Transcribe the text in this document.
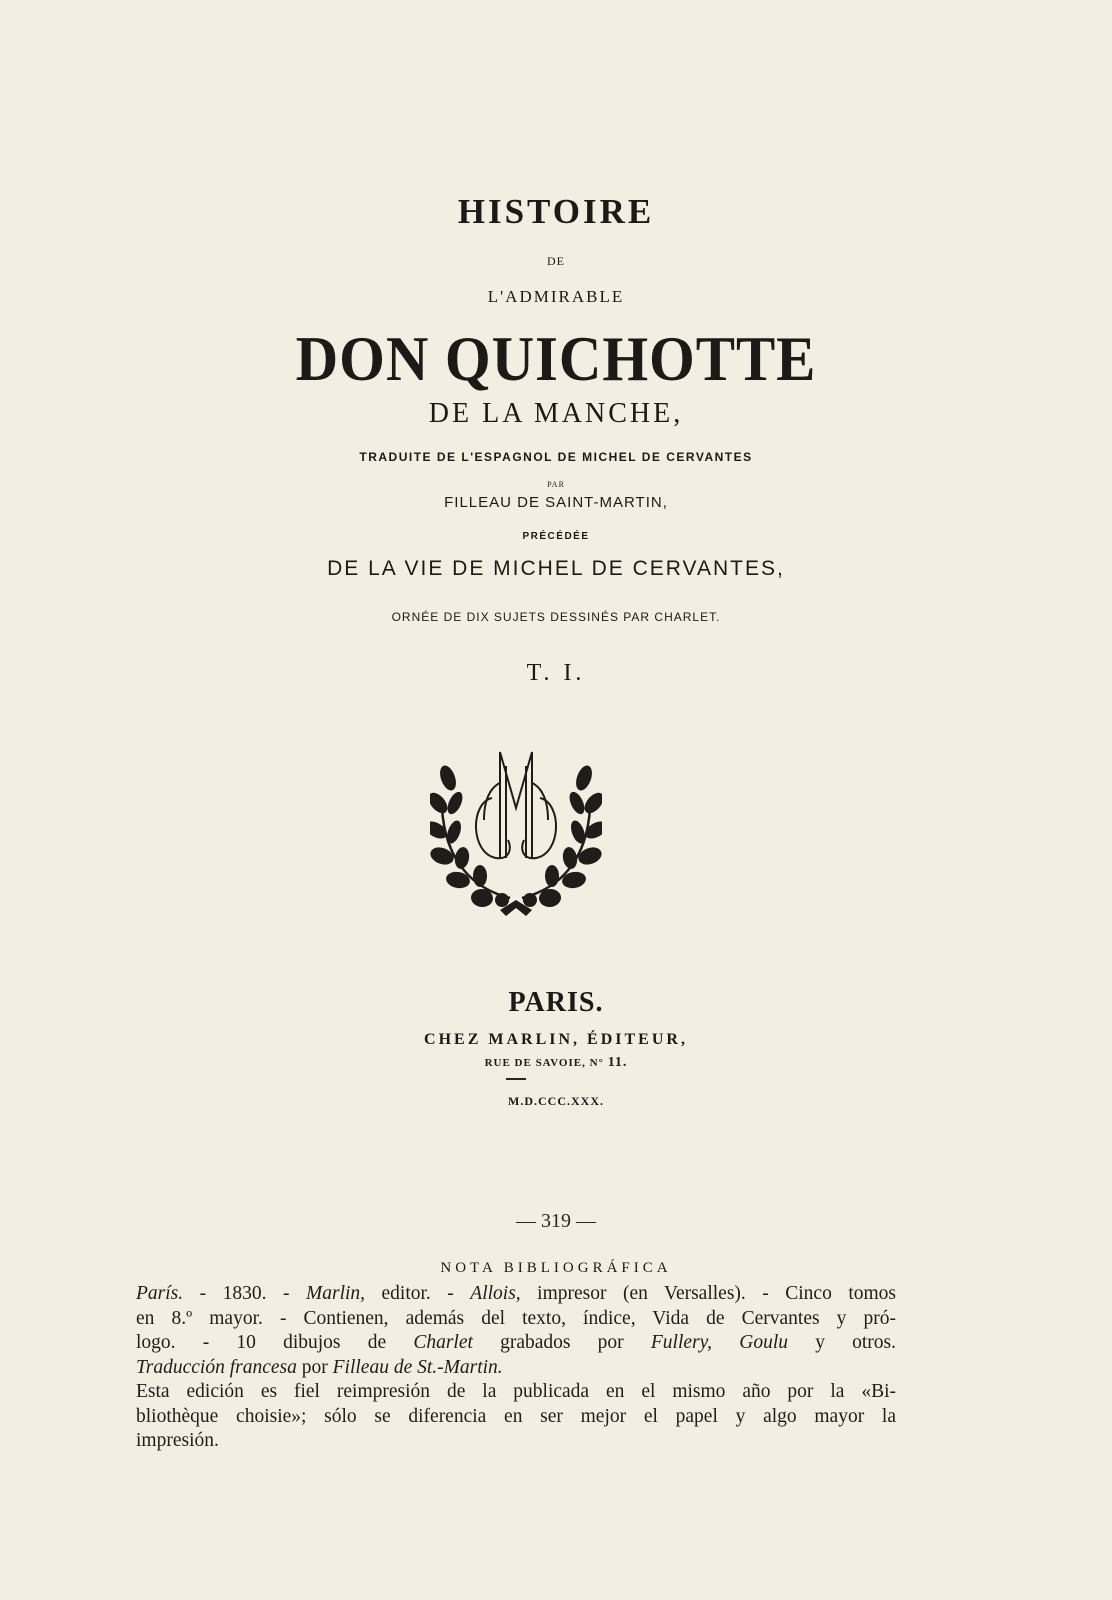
HISTOIRE
DE
L'ADMIRABLE
DON QUICHOTTE
DE LA MANCHE,
TRADUITE DE L'ESPAGNOL DE MICHEL DE CERVANTES
PAR
FILLEAU DE SAINT-MARTIN,
PRÉCÉDÉE
DE LA VIE DE MICHEL DE CERVANTES,
ORNÉE DE DIX SUJETS DESSINÉS PAR CHARLET.
T. I.
PARIS.
CHEZ MARLIN, ÉDITEUR,
RUE DE SAVOIE, N° 11.
M.D.CCC.XXX.
— 319 —
NOTA BIBLIOGRÁFICA
París. - 1830. - Marlin, editor. - Allois, impresor (en Versalles). - Cinco tomos
en 8.º mayor. - Contienen, además del texto, índice, Vida de Cervantes y pró-
logo. - 10 dibujos de Charlet grabados por Fullery, Goulu y otros.
Traducción francesa por Filleau de St.-Martin.
Esta edición es fiel reimpresión de la publicada en el mismo año por la «Bi-
bliothèque choisie»; sólo se diferencia en ser mejor el papel y algo mayor la
impresión.
